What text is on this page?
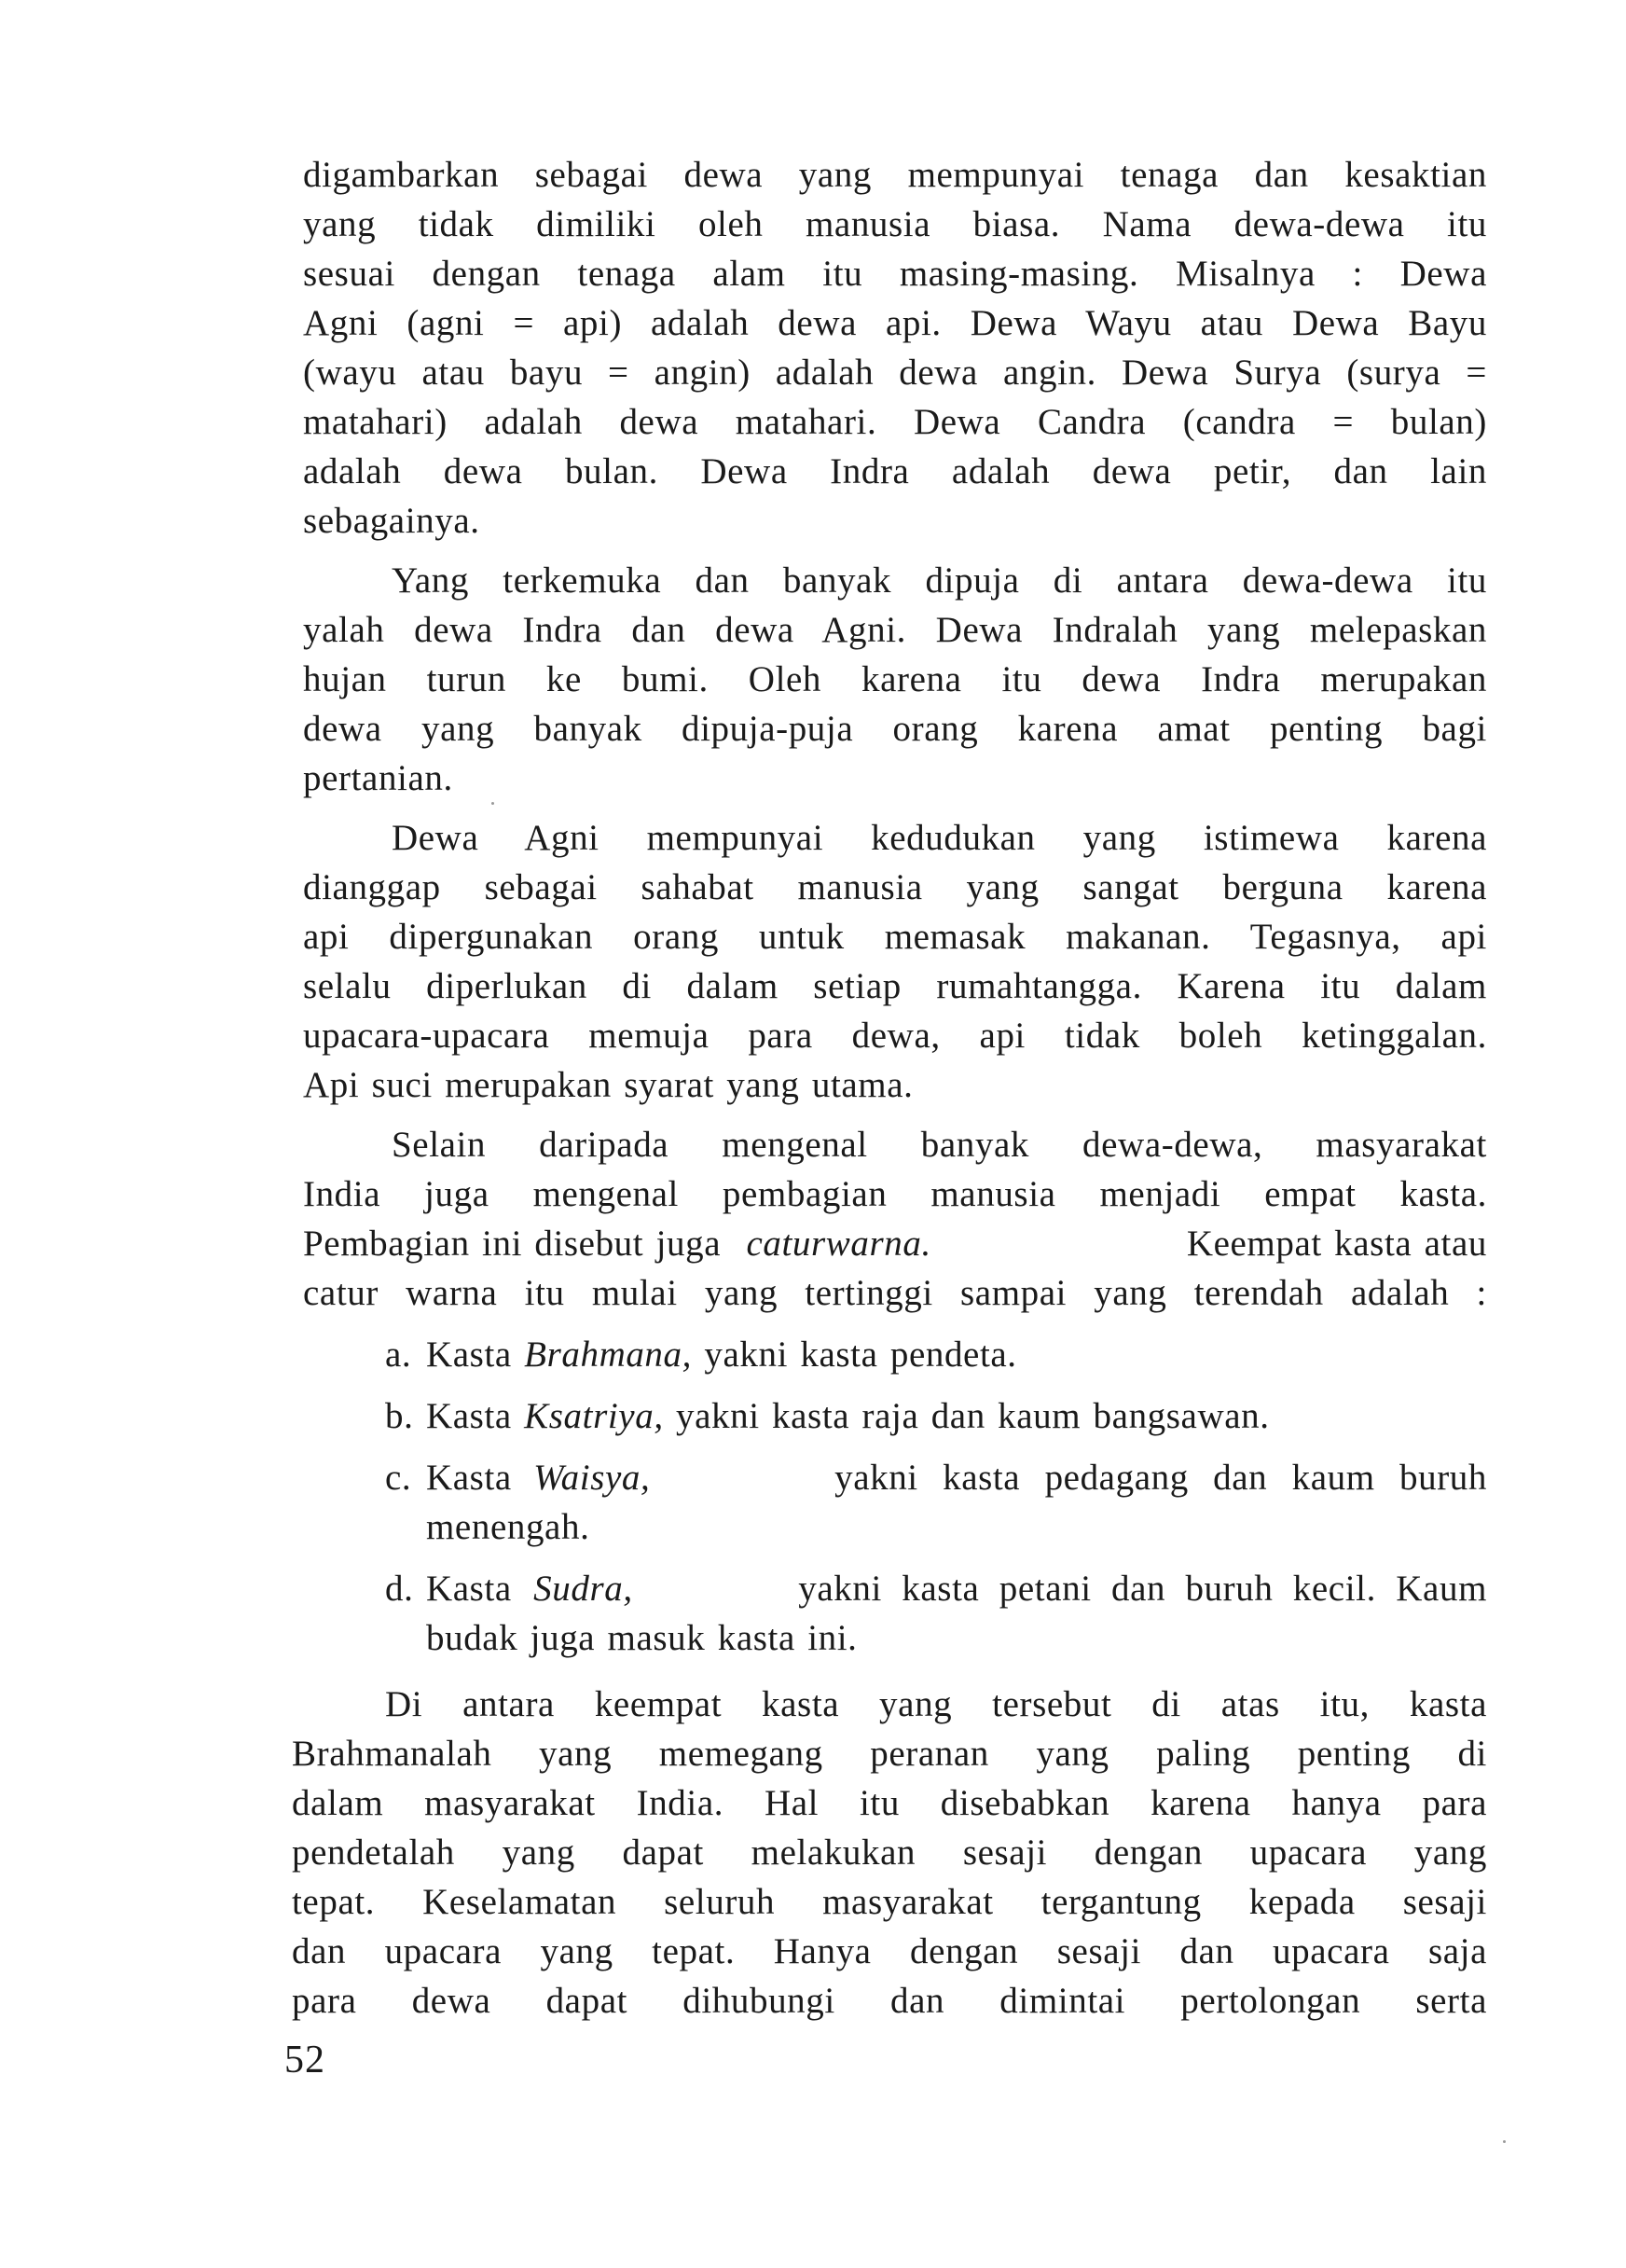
digambarkan sebagai dewa yang mempunyai tenaga dan kesaktian
yang tidak dimiliki oleh manusia biasa. Nama dewa-dewa itu
sesuai dengan tenaga alam itu masing-masing. Misalnya : Dewa
Agni (agni = api) adalah dewa api. Dewa Wayu atau Dewa Bayu
(wayu atau bayu = angin) adalah dewa angin. Dewa Surya (surya =
matahari) adalah dewa matahari. Dewa Candra (candra = bulan)
adalah dewa bulan. Dewa Indra adalah dewa petir, dan lain
sebagainya.
Yang terkemuka dan banyak dipuja di antara dewa-dewa itu
yalah dewa Indra dan dewa Agni. Dewa Indralah yang melepaskan
hujan turun ke bumi. Oleh karena itu dewa Indra merupakan
dewa yang banyak dipuja-puja orang karena amat penting bagi
pertanian.
Dewa Agni mempunyai kedudukan yang istimewa karena
dianggap sebagai sahabat manusia yang sangat berguna karena
api dipergunakan orang untuk memasak makanan. Tegasnya, api
selalu diperlukan di dalam setiap rumahtangga. Karena itu dalam
upacara-upacara memuja para dewa, api tidak boleh ketinggalan.
Api suci merupakan syarat yang utama.
Selain daripada mengenal banyak dewa-dewa, masyarakat
India juga mengenal pembagian manusia menjadi empat kasta.
Pembagian ini disebut juga caturwarna.	Keempat kasta atau
catur warna itu mulai yang tertinggi sampai yang terendah adalah :
a. Kasta Brahmana, yakni kasta pendeta.
b. Kasta Ksatriya, yakni kasta raja dan kaum bangsawan.
c. Kasta Waisya,	yakni kasta pedagang dan kaum buruh
menengah.
d. Kasta Sudra,	yakni kasta petani dan buruh kecil. Kaum
budak juga masuk kasta ini.
Di antara keempat kasta yang tersebut di atas itu, kasta
Brahmanalah yang memegang peranan yang paling penting di
dalam masyarakat India. Hal itu disebabkan karena hanya para
pendetalah yang dapat melakukan sesaji dengan upacara yang
tepat. Keselamatan seluruh masyarakat tergantung kepada sesaji
dan upacara yang tepat. Hanya dengan sesaji dan upacara saja
para dewa dapat dihubungi dan dimintai pertolongan serta
52
